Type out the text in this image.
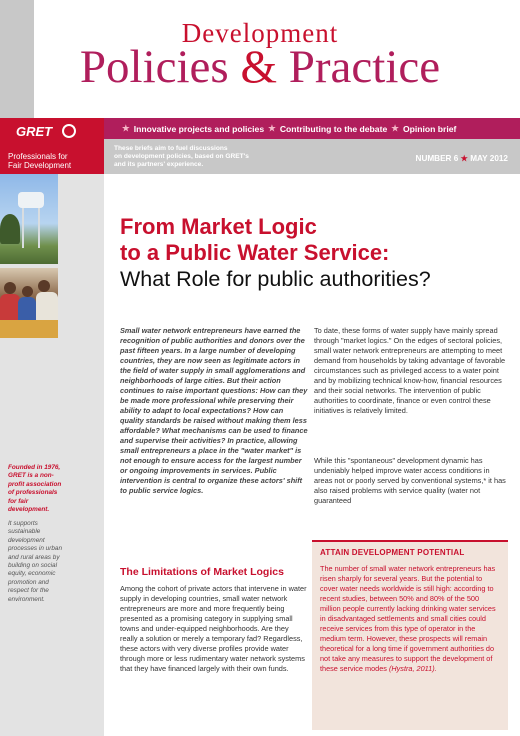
Development
Policies & Practice
GRET
Professionals for
Fair Development
★ Innovative projects and policies ★ Contributing to the debate ★ Opinion brief
These briefs aim to fuel discussions
on development policies, based on GRET's
and its partners' experience.
NUMBER 6 ★ MAY 2012
Founded in 1976, GRET is a non-profit association of professionals for fair development.
It supports sustainable development processes in urban and rural areas by building on social equity, economic promotion and respect for the environment.
From Market Logic
to a Public Water Service:
What Role for public authorities?
Small water network entrepreneurs have earned the recognition of public authorities and donors over the past fifteen years. In a large number of developing countries, they are now seen as legitimate actors in the field of water supply in small agglomerations and neighborhoods of large cities. But their action continues to raise important questions: How can they be made more professional while preserving their ability to adapt to local expectations? How can quality standards be raised without making them less affordable? What mechanisms can be used to finance and supervise their activities? In practice, allowing small entrepreneurs a place in the "water market" is not enough to ensure access for the largest number or ongoing improvements in services. Public intervention is central to organize these actors' shift to public service logics.
The Limitations of Market Logics
Among the cohort of private actors that intervene in water supply in developing countries, small water network entrepreneurs are more and more frequently being presented as a promising category in supplying small towns and under-equipped neighborhoods. Are they really a solution or merely a temporary fad? Regardless, these actors with very diverse profiles provide water through more or less rudimentary water network systems that they have financed largely with their own funds.
To date, these forms of water supply have mainly spread through "market logics." On the edges of sectoral policies, small water network entrepreneurs are attempting to meet demand from households by taking advantage of favorable circumstances such as privileged access to a water point and by mobilizing technical know-how, financial resources and their social networks. The intervention of public authorities to coordinate, finance or even control these initiatives is relatively limited.
While this "spontaneous" development dynamic has undeniably helped improve water access conditions in areas not or poorly served by conventional systems,* it has also raised problems with service quality (water not guaranteed
ATTAIN DEVELOPMENT POTENTIAL
The number of small water network entrepreneurs has risen sharply for several years. But the potential to cover water needs worldwide is still high: according to recent studies, between 50% and 80% of the 500 million people currently lacking drinking water services in disadvantaged settlements and small cities could receive services from this type of operator in the medium term. However, these prospects will remain theoretical for a long time if government authorities do not take any measures to support the development of these service modes (Hystra, 2011).
